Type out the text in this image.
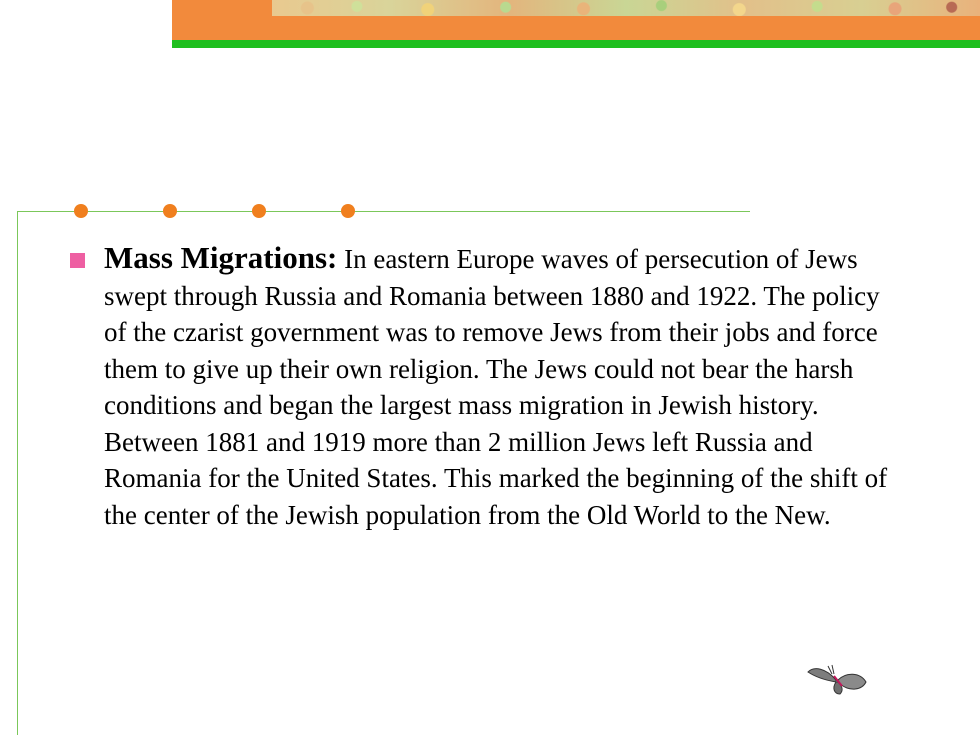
Mass Migrations: In eastern Europe waves of persecution of Jews swept through Russia and Romania between 1880 and 1922. The policy of the czarist government was to remove Jews from their jobs and force them to give up their own religion. The Jews could not bear the harsh conditions and began the largest mass migration in Jewish history. Between 1881 and 1919 more than 2 million Jews left Russia and Romania for the United States. This marked the beginning of the shift of the center of the Jewish population from the Old World to the New.
